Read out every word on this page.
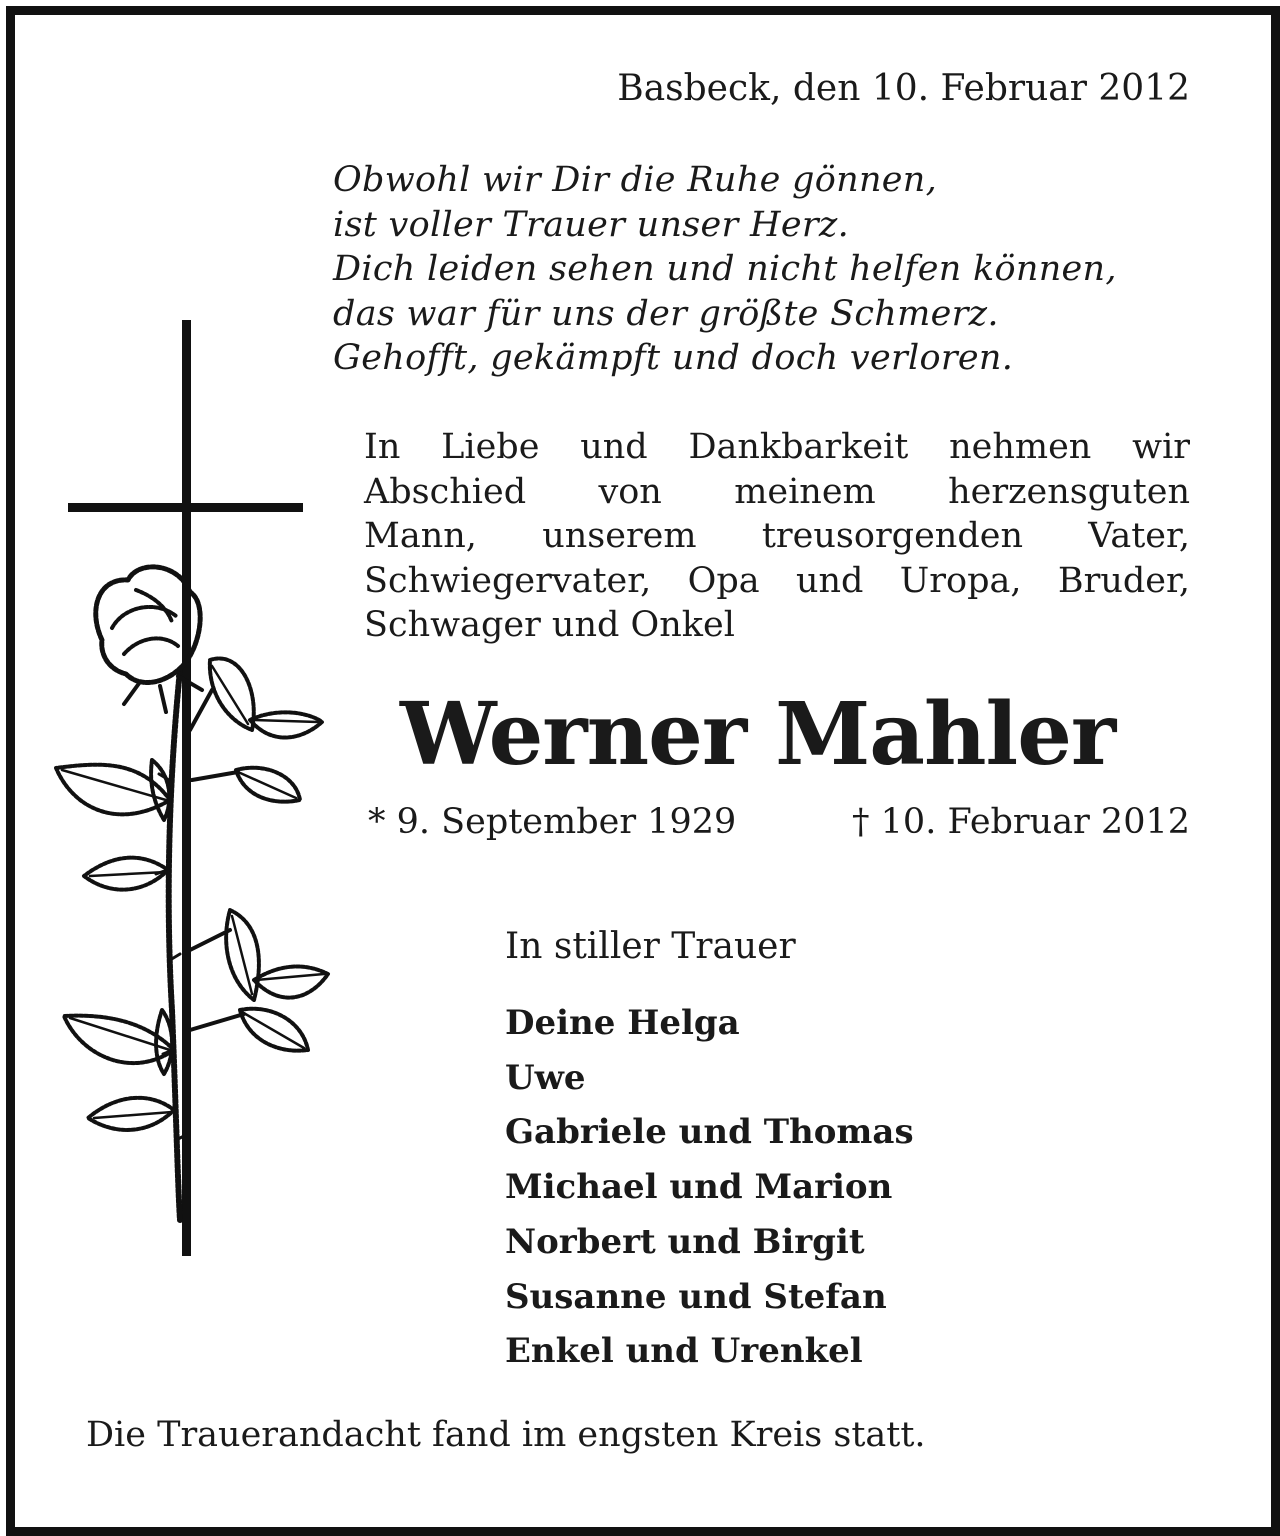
Basbeck, den 10. Februar 2012

Obwohl wir Dir die Ruhe gönnen,
ist voller Trauer unser Herz.
Dich leiden sehen und nicht helfen können,
das war für uns der größte Schmerz.
Gehofft, gekämpft und doch verloren.
In Liebe und Dankbarkeit nehmen wir
Abschied von meinem herzensguten
Mann, unserem treusorgenden Vater,
Schwiegervater, Opa und Uropa, Bruder,
Schwager und Onkel

Werner Mahler

* 9. September 1929	† 10. Februar 2012

In stiller Trauer

Deine Helga
Uwe
Gabriele und Thomas
Michael und Marion
Norbert und Birgit
Susanne und Stefan
Enkel und Urenkel

Die Trauerandacht fand im engsten Kreis statt.
